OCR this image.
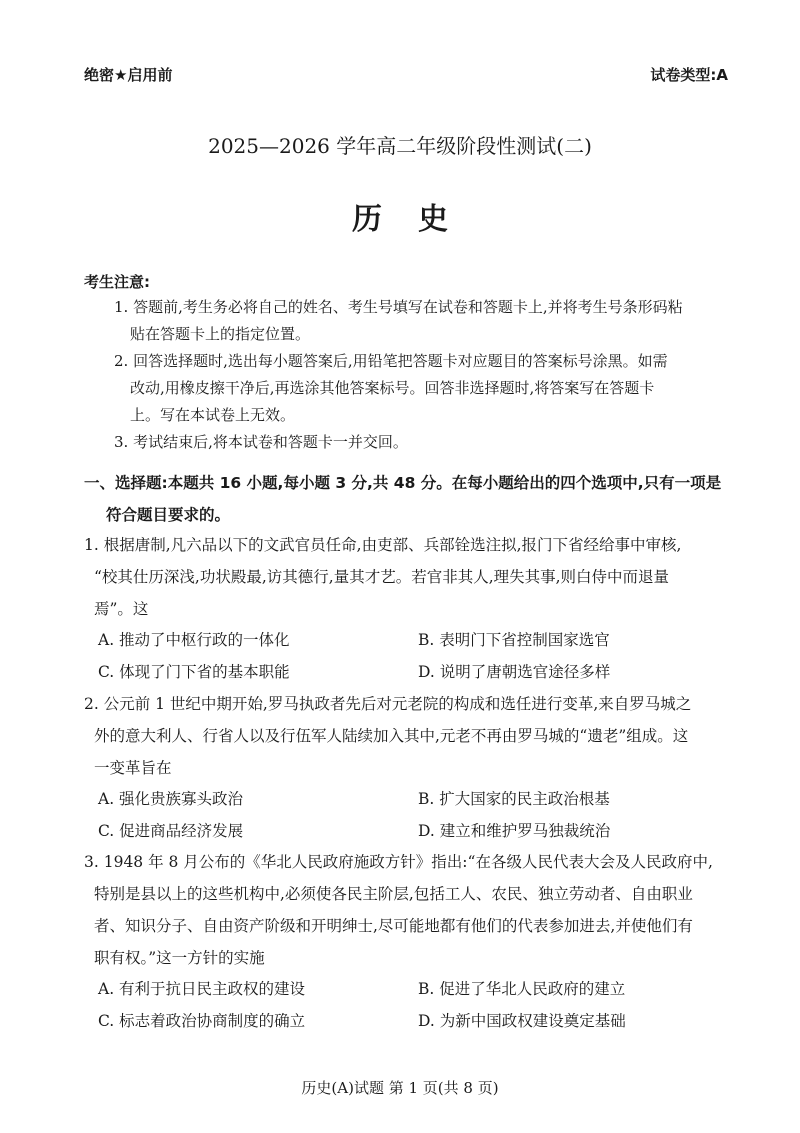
绝密★启用前	试卷类型:A
2025—2026 学年高二年级阶段性测试(二)
历史
考生注意:
1. 答题前,考生务必将自己的姓名、考生号填写在试卷和答题卡上,并将考生号条形码粘
贴在答题卡上的指定位置。
2. 回答选择题时,选出每小题答案后,用铅笔把答题卡对应题目的答案标号涂黑。如需
改动,用橡皮擦干净后,再选涂其他答案标号。回答非选择题时,将答案写在答题卡
上。写在本试卷上无效。
3. 考试结束后,将本试卷和答题卡一并交回。
一、选择题:本题共 16 小题,每小题 3 分,共 48 分。在每小题给出的四个选项中,只有一项是
符合题目要求的。
1. 根据唐制,凡六品以下的文武官员任命,由吏部、兵部铨选注拟,报门下省经给事中审核,
“校其仕历深浅,功状殿最,访其德行,量其才艺。若官非其人,理失其事,则白侍中而退量
焉”。这
A. 推动了中枢行政的一体化	B. 表明门下省控制国家选官
C. 体现了门下省的基本职能	D. 说明了唐朝选官途径多样
2. 公元前 1 世纪中期开始,罗马执政者先后对元老院的构成和选任进行变革,来自罗马城之
外的意大利人、行省人以及行伍军人陆续加入其中,元老不再由罗马城的“遗老”组成。这
一变革旨在
A. 强化贵族寡头政治	B. 扩大国家的民主政治根基
C. 促进商品经济发展	D. 建立和维护罗马独裁统治
3. 1948 年 8 月公布的《华北人民政府施政方针》指出:“在各级人民代表大会及人民政府中,
特别是县以上的这些机构中,必须使各民主阶层,包括工人、农民、独立劳动者、自由职业
者、知识分子、自由资产阶级和开明绅士,尽可能地都有他们的代表参加进去,并使他们有
职有权。”这一方针的实施
A. 有利于抗日民主政权的建设	B. 促进了华北人民政府的建立
C. 标志着政治协商制度的确立	D. 为新中国政权建设奠定基础
历史(A)试题 第 1 页(共 8 页)
